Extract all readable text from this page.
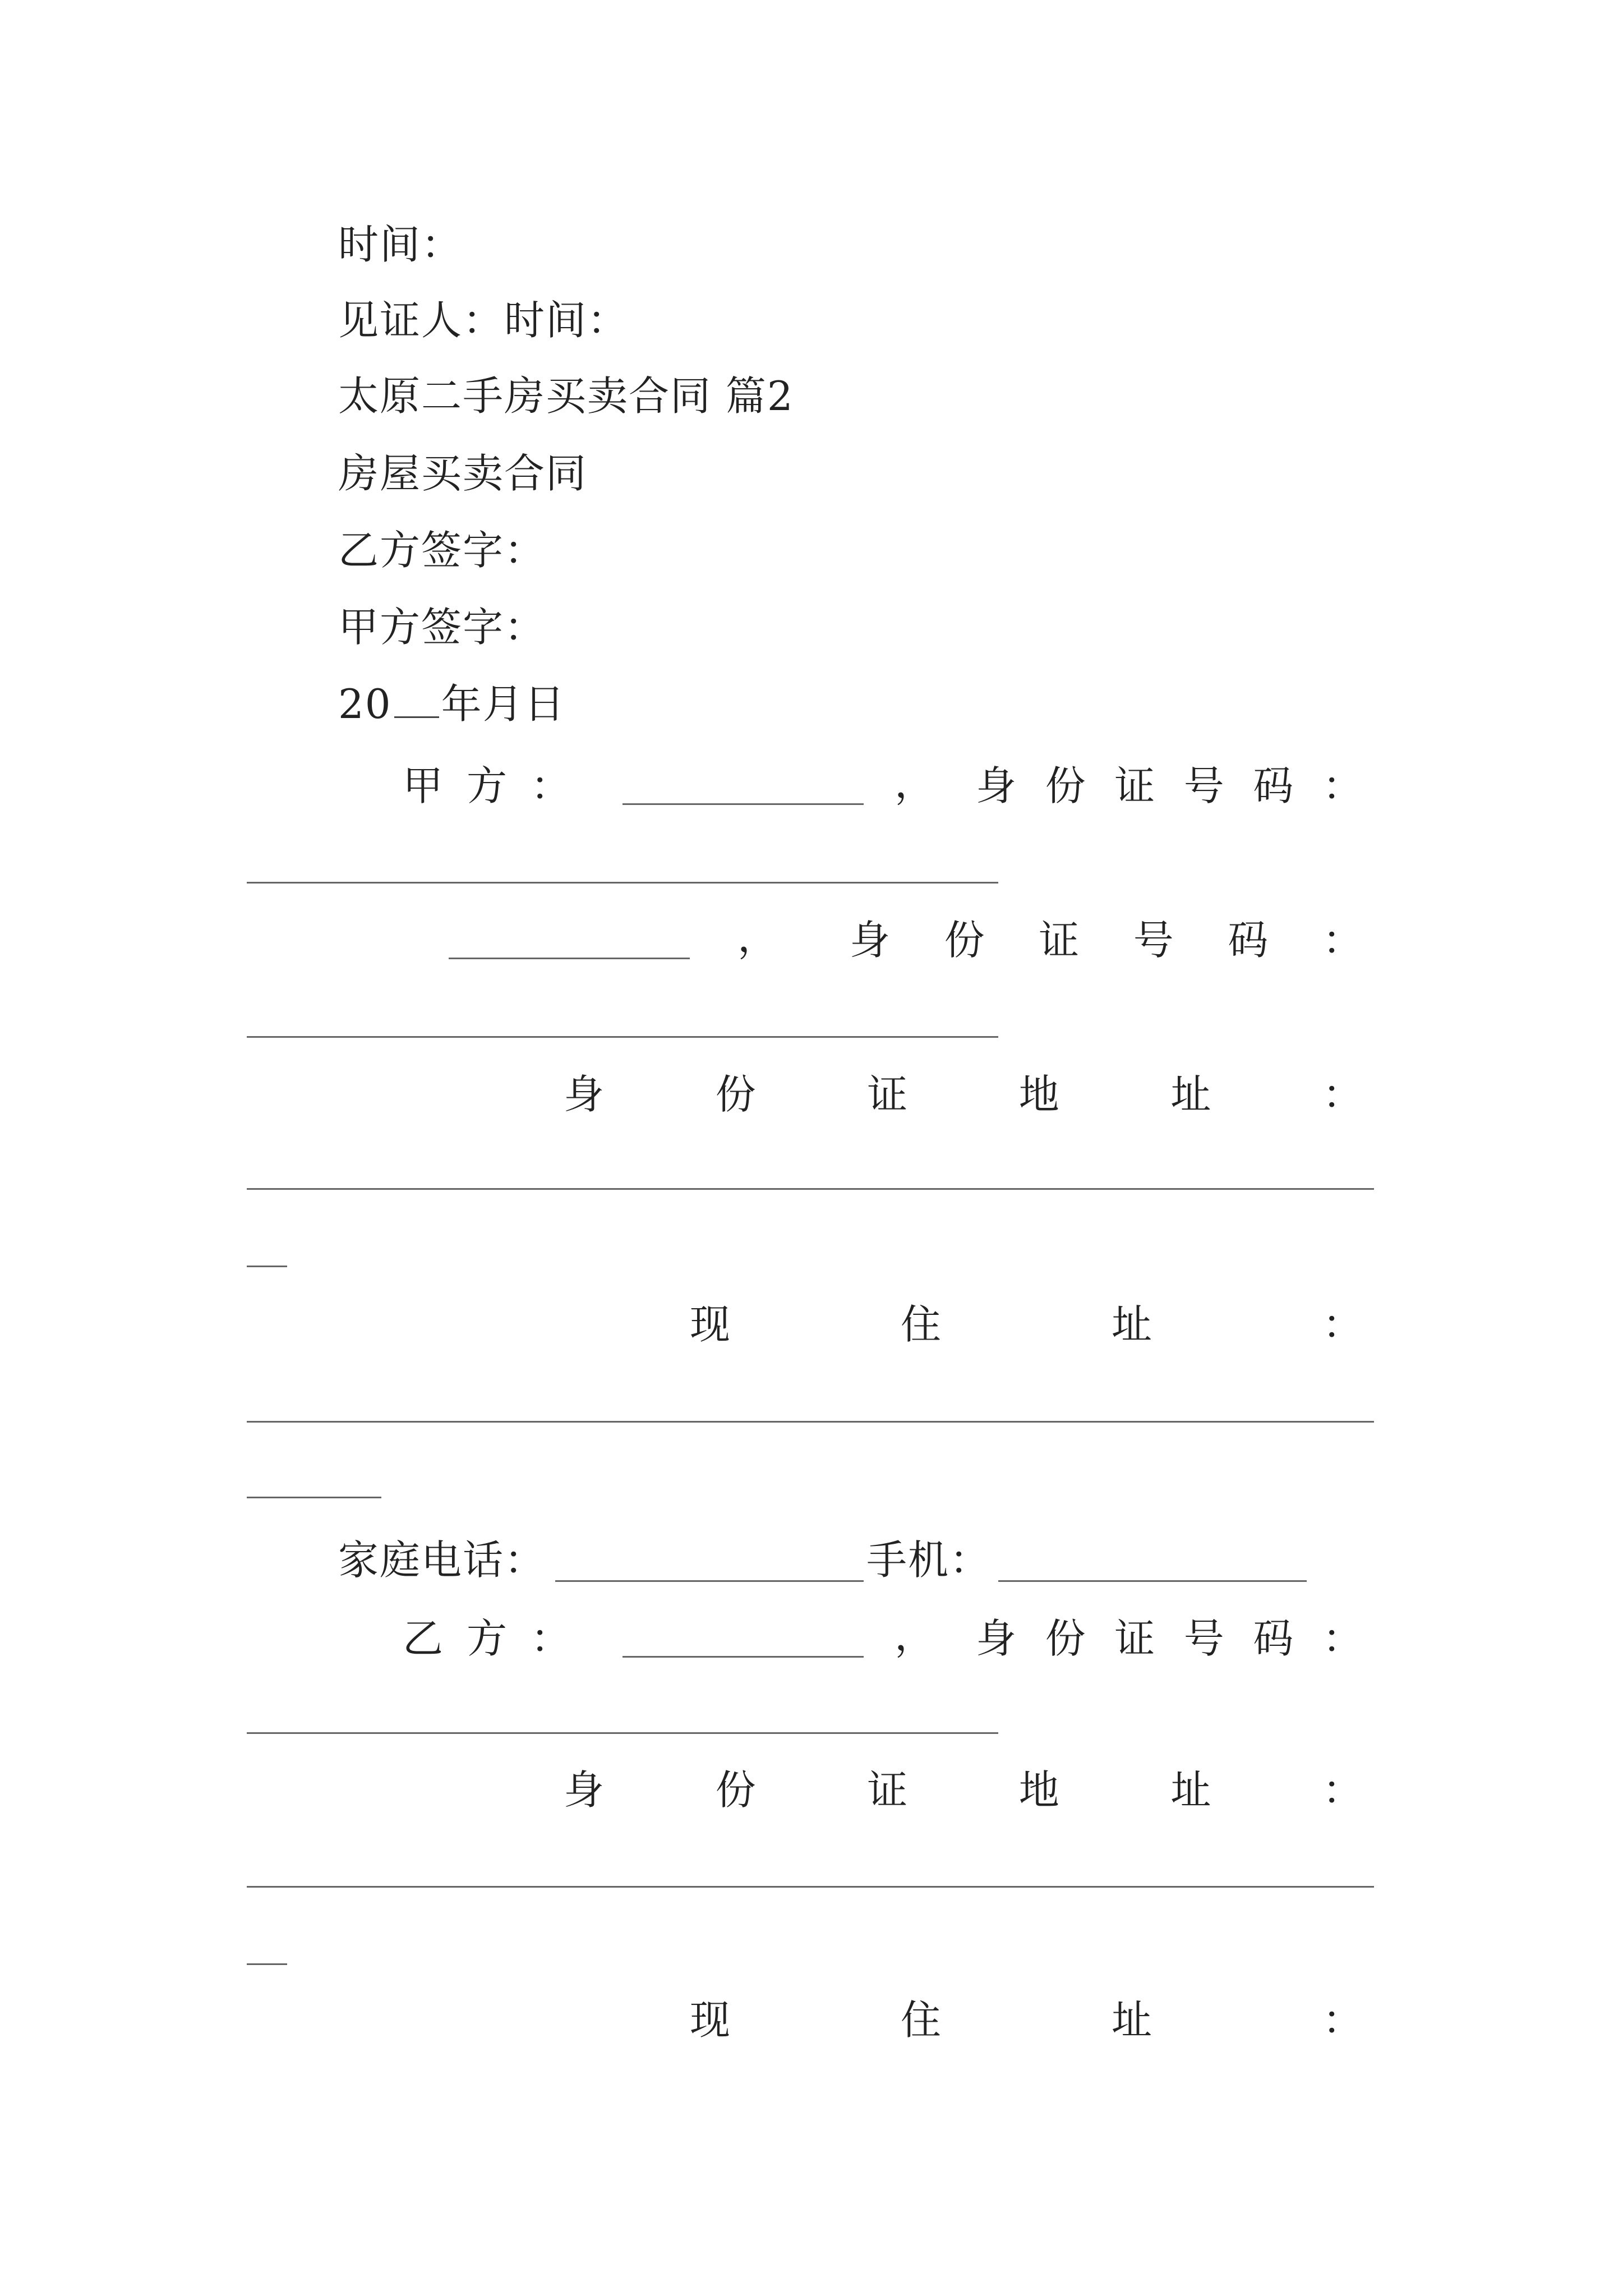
时间：
见证人：时间：
太原二手房买卖合同 篇2
房屋买卖合同
乙方签字：
甲方签字：
20 年月日
甲 方 ：	， 身 份 证 号 码 ：
， 身 份 证 号 码 ：
身	份	证	地	址	：
现	住	址	：
家庭电话：	手机：
乙 方 ：	， 身 份 证 号 码 ：
身	份	证	地	址	：
现	住	址	：
